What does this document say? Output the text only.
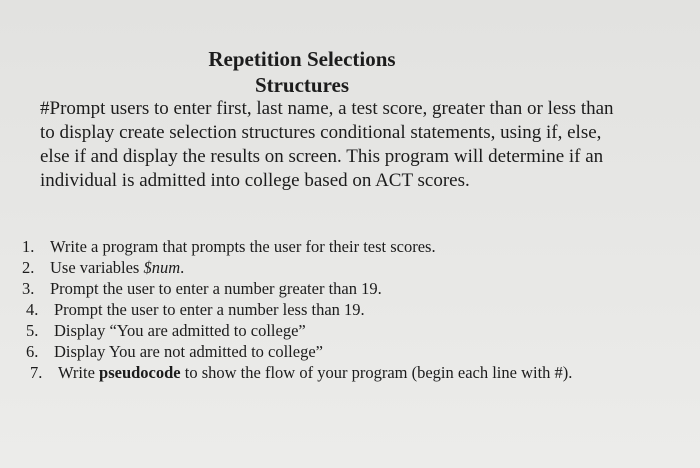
Repetition Selections
Structures
#Prompt users to enter first, last name, a test score, greater than or less than
to display create selection structures conditional statements, using if, else,
else if and display the results on screen. This program will determine if an
individual is admitted into college based on ACT scores.
1. Write a program that prompts the user for their test scores.
2. Use variables $num.
3. Prompt the user to enter a number greater than 19.
4. Prompt the user to enter a number less than 19.
5. Display “You are admitted to college”
6. Display You are not admitted to college”
7. Write pseudocode to show the flow of your program (begin each line with #).
